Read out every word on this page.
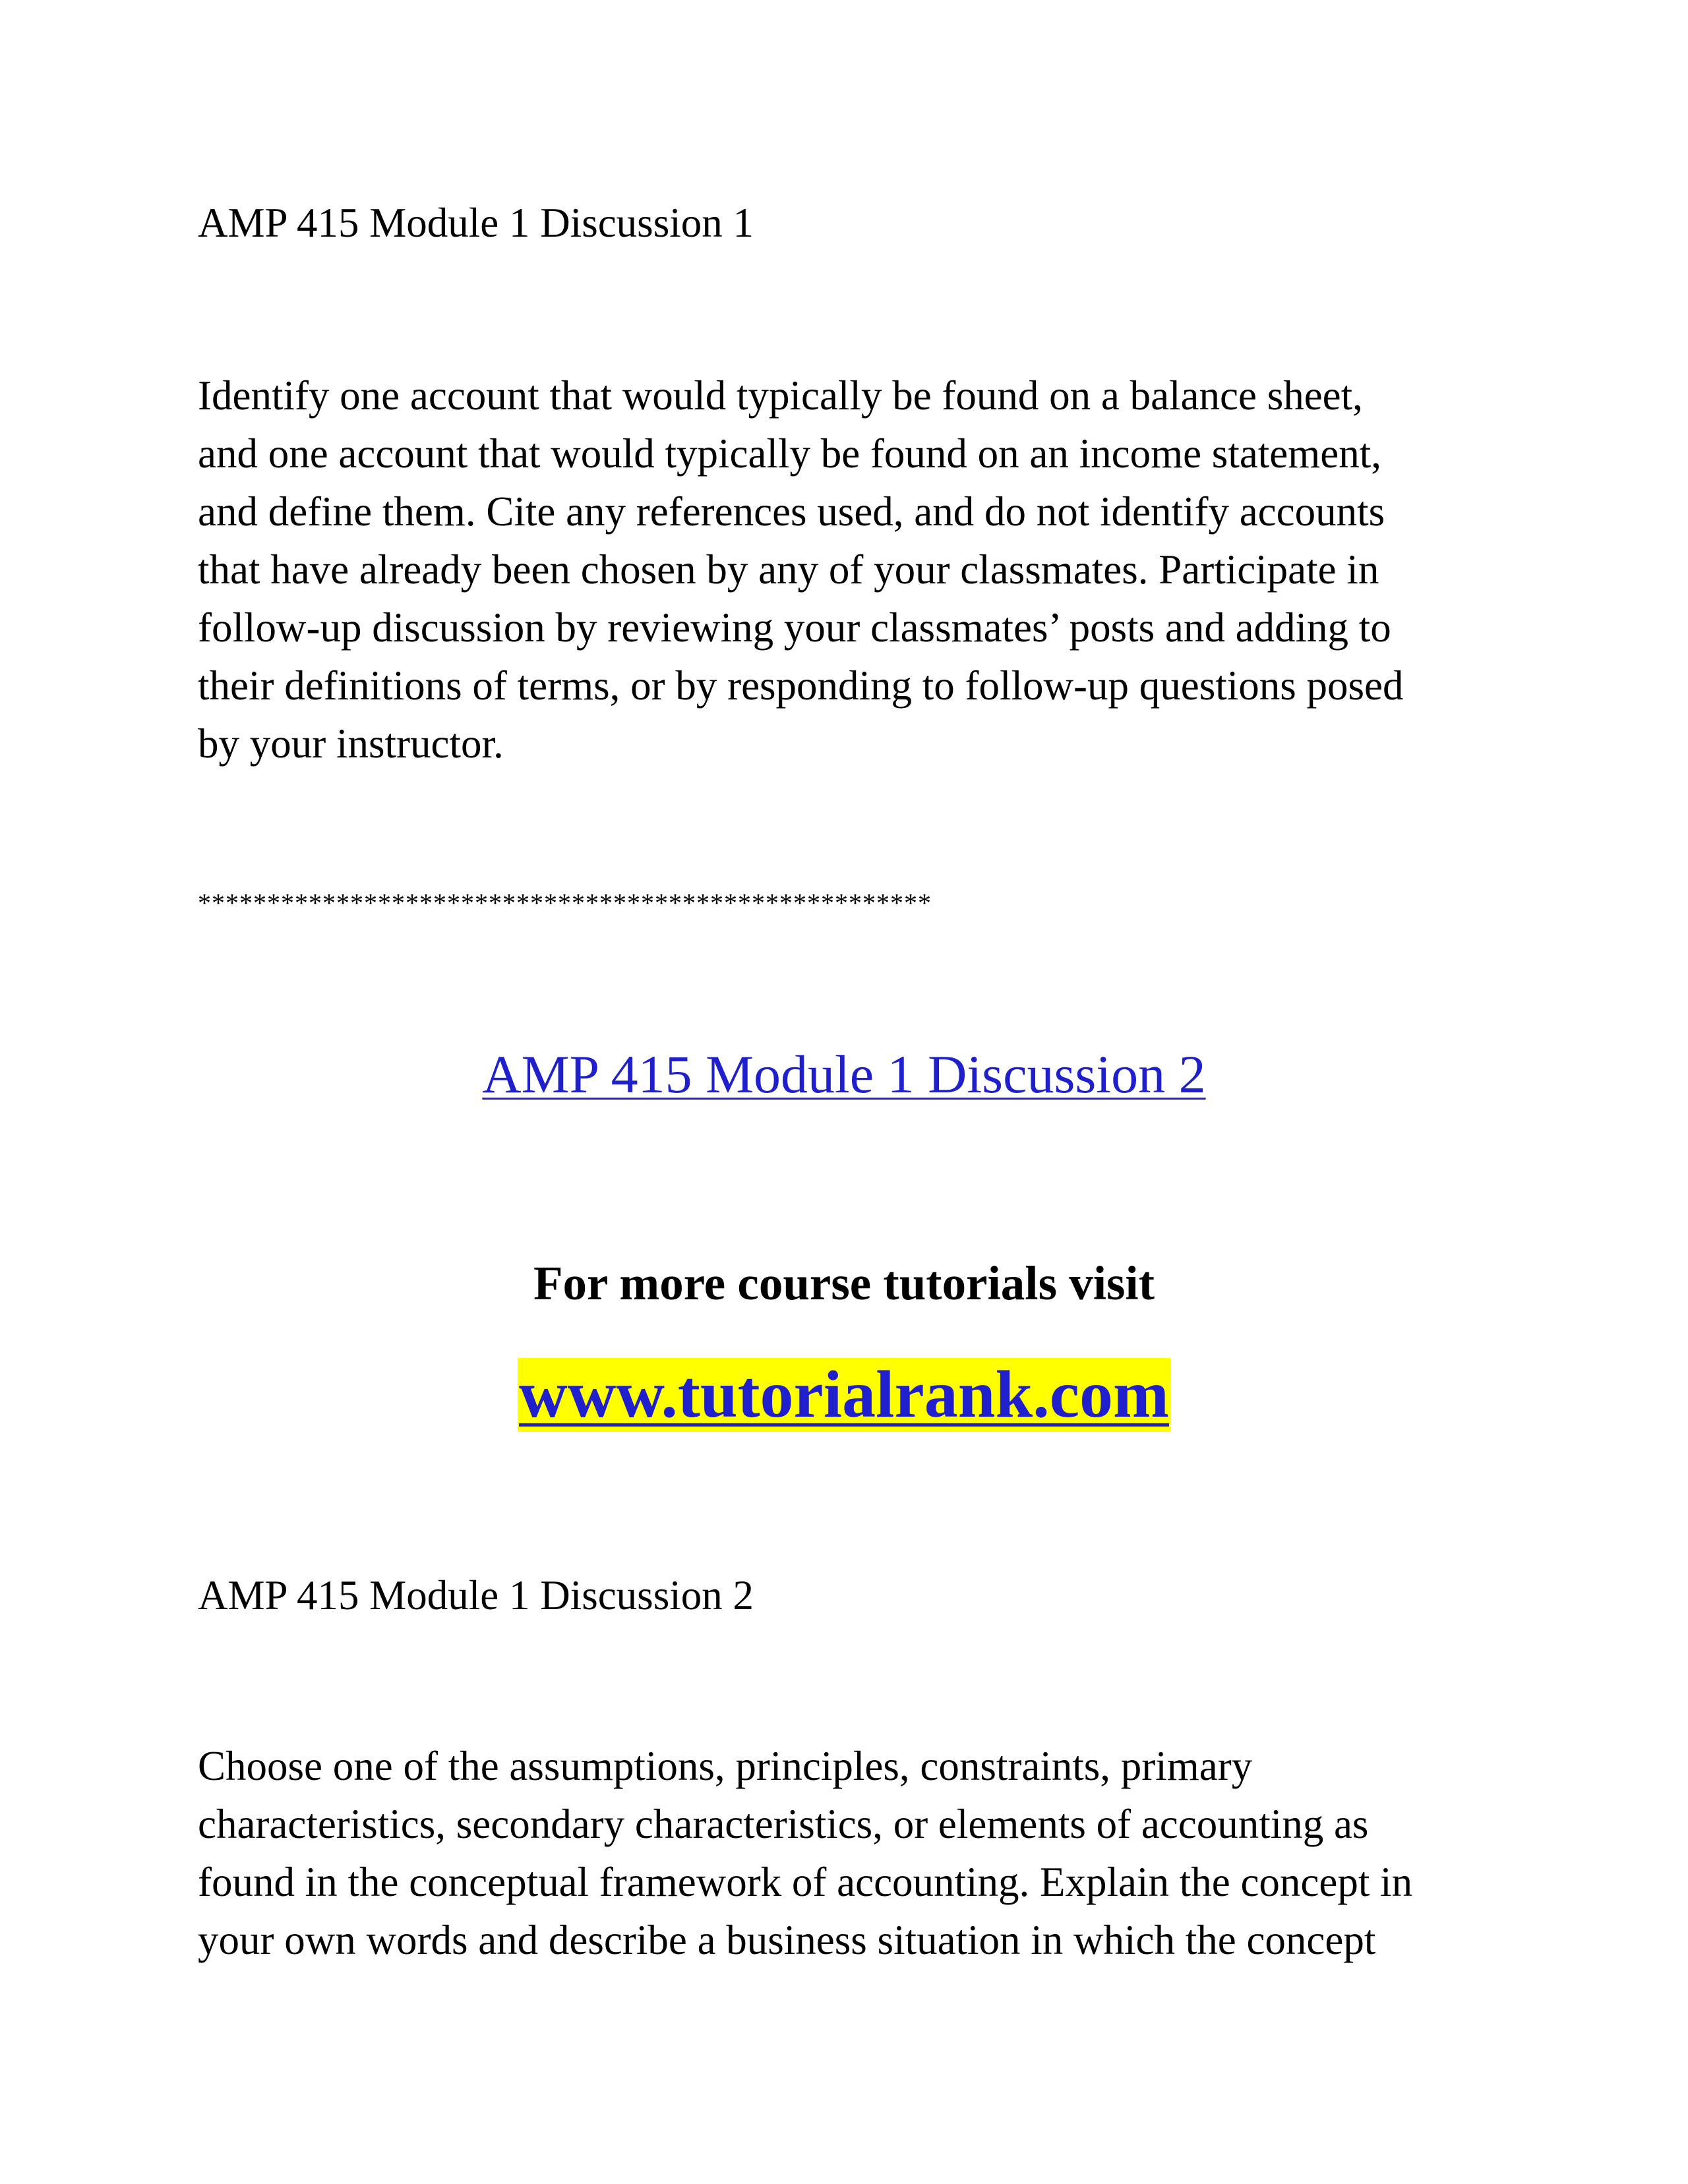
AMP 415 Module 1 Discussion 1

Identify one account that would typically be found on a balance sheet,
and one account that would typically be found on an income statement,
and define them. Cite any references used, and do not identify accounts
that have already been chosen by any of your classmates. Participate in
follow-up discussion by reviewing your classmates’ posts and adding to
their definitions of terms, or by responding to follow-up questions posed
by your instructor.

*****************************************************
AMP 415 Module 1 Discussion 2
For more course tutorials visit
www.tutorialrank.com
AMP 415 Module 1 Discussion 2

Choose one of the assumptions, principles, constraints, primary
characteristics, secondary characteristics, or elements of accounting as
found in the conceptual framework of accounting. Explain the concept in
your own words and describe a business situation in which the concept
